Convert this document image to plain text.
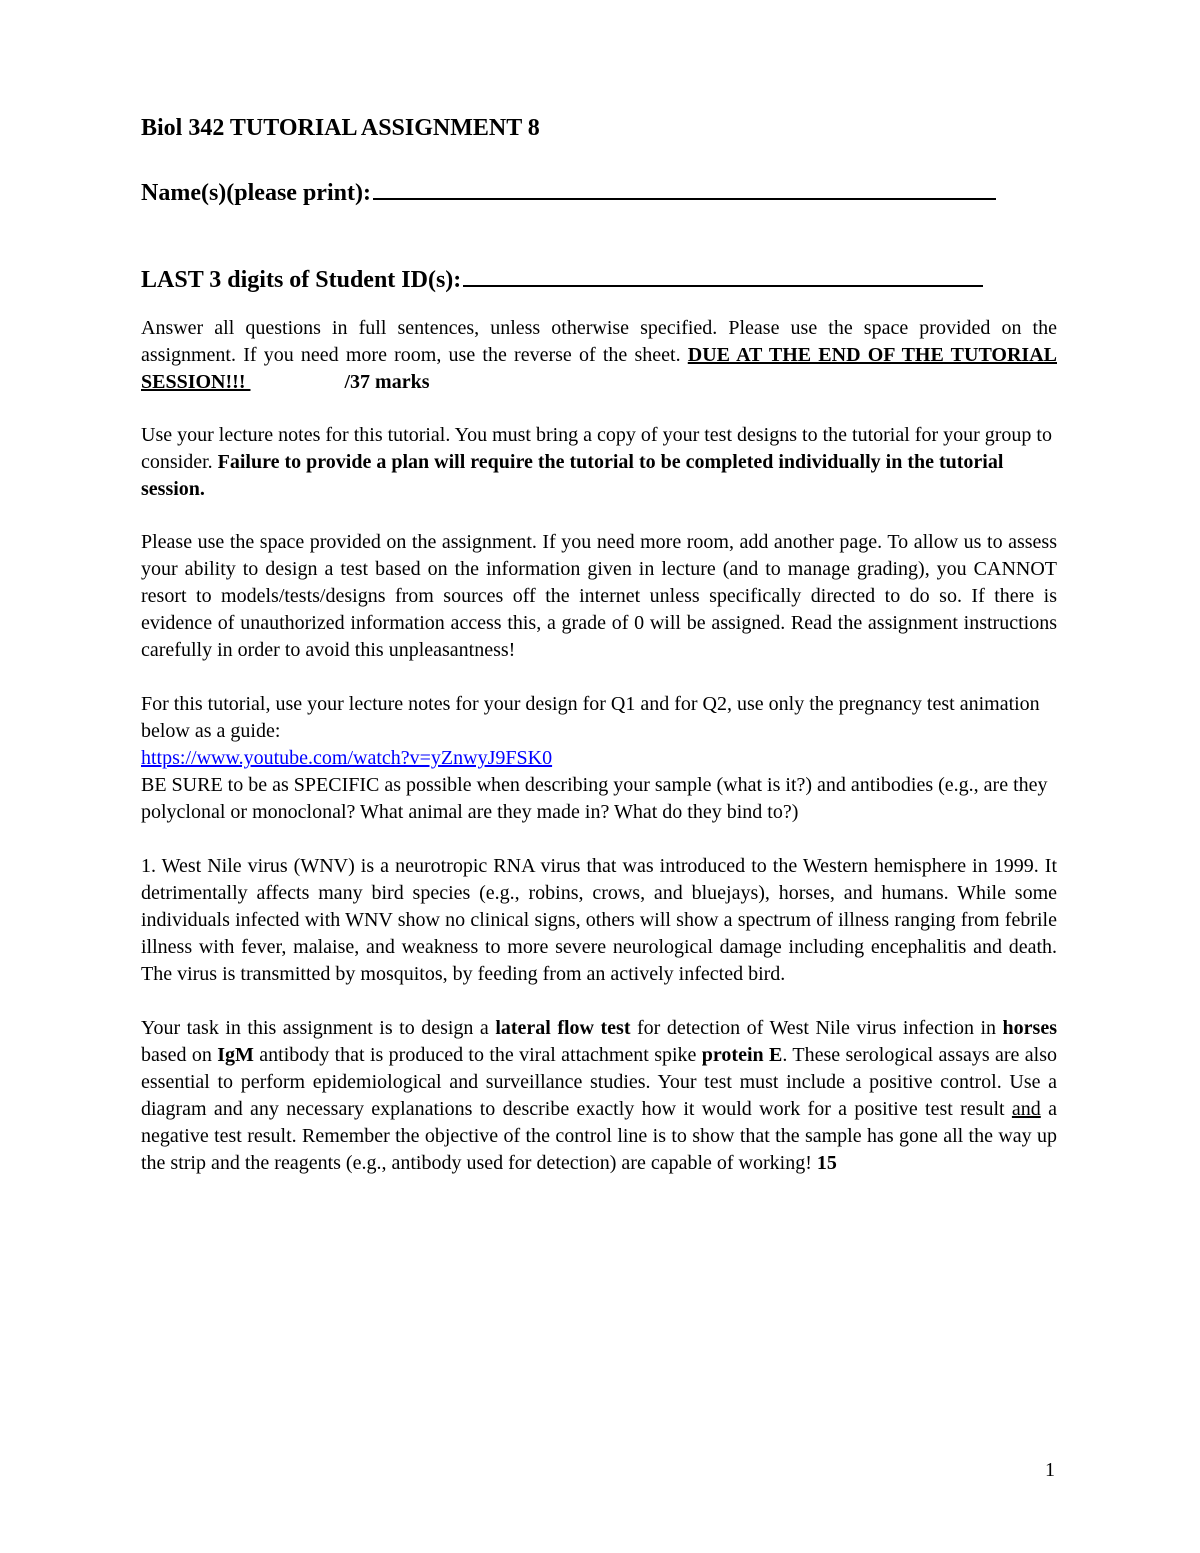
Biol 342 TUTORIAL ASSIGNMENT 8
Name(s)(please print):
LAST 3 digits of Student ID(s):

Answer all questions in full sentences, unless otherwise specified. Please use the space provided on the assignment. If you need more room, use the reverse of the sheet. DUE AT THE END OF THE TUTORIAL SESSION!!!	/37 marks

Use your lecture notes for this tutorial. You must bring a copy of your test designs to the tutorial for your group to consider. Failure to provide a plan will require the tutorial to be completed individually in the tutorial session.

Please use the space provided on the assignment. If you need more room, add another page. To allow us to assess your ability to design a test based on the information given in lecture (and to manage grading), you CANNOT resort to models/tests/designs from sources off the internet unless specifically directed to do so. If there is evidence of unauthorized information access this, a grade of 0 will be assigned. Read the assignment instructions carefully in order to avoid this unpleasantness!

For this tutorial, use your lecture notes for your design for Q1 and for Q2, use only the pregnancy test animation below as a guide:
https://www.youtube.com/watch?v=yZnwyJ9FSK0
BE SURE to be as SPECIFIC as possible when describing your sample (what is it?) and antibodies (e.g., are they polyclonal or monoclonal? What animal are they made in? What do they bind to?)

1. West Nile virus (WNV) is a neurotropic RNA virus that was introduced to the Western hemisphere in 1999. It detrimentally affects many bird species (e.g., robins, crows, and bluejays), horses, and humans. While some individuals infected with WNV show no clinical signs, others will show a spectrum of illness ranging from febrile illness with fever, malaise, and weakness to more severe neurological damage including encephalitis and death. The virus is transmitted by mosquitos, by feeding from an actively infected bird.

Your task in this assignment is to design a lateral flow test for detection of West Nile virus infection in horses based on IgM antibody that is produced to the viral attachment spike protein E. These serological assays are also essential to perform epidemiological and surveillance studies. Your test must include a positive control. Use a diagram and any necessary explanations to describe exactly how it would work for a positive test result and a negative test result. Remember the objective of the control line is to show that the sample has gone all the way up the strip and the reagents (e.g., antibody used for detection) are capable of working! 15

1
